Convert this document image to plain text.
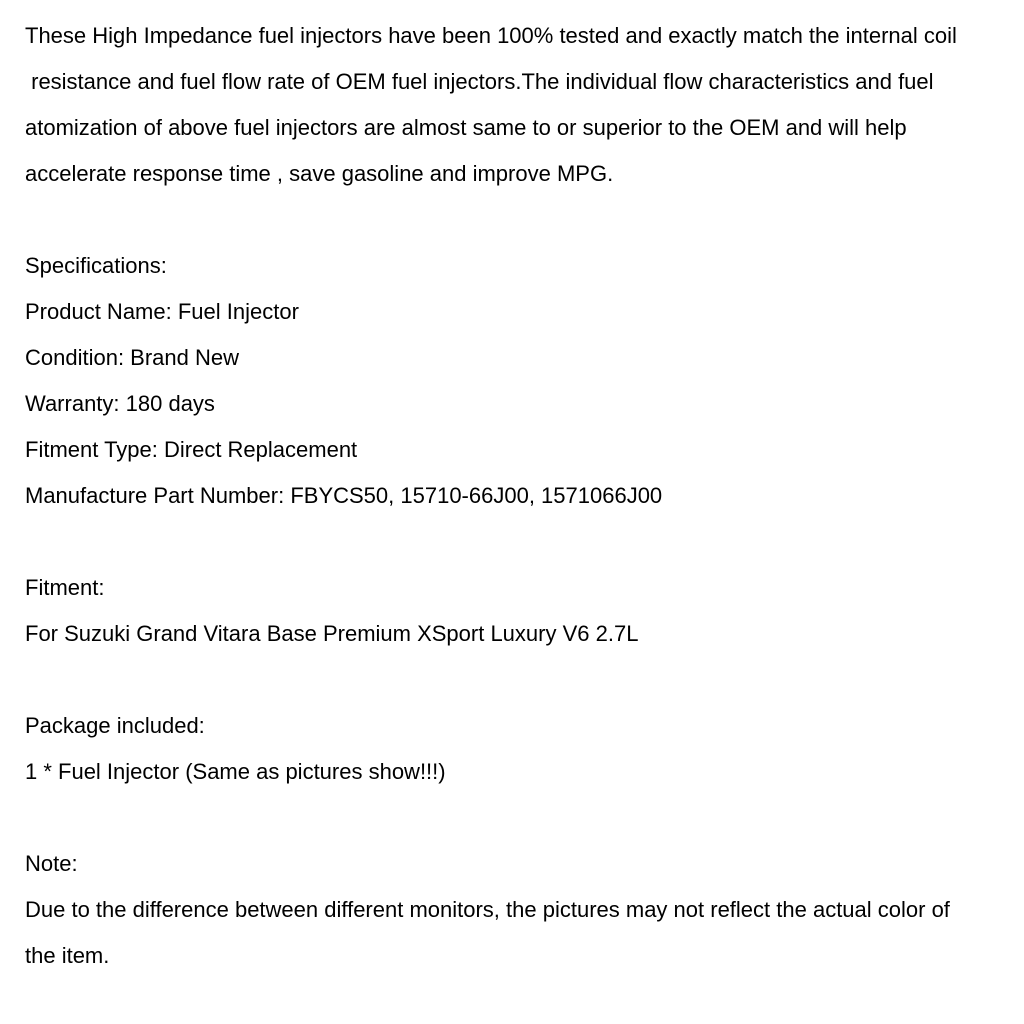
These High Impedance fuel injectors have been 100% tested and exactly match the internal coil
resistance and fuel flow rate of OEM fuel injectors.The individual flow characteristics and fuel
atomization of above fuel injectors are almost same to or superior to the OEM and will help
accelerate response time , save gasoline and improve MPG.
Specifications:
Product Name: Fuel Injector
Condition: Brand New
Warranty: 180 days
Fitment Type: Direct Replacement
Manufacture Part Number: FBYCS50, 15710-66J00, 1571066J00
Fitment:
For Suzuki Grand Vitara Base Premium XSport Luxury V6 2.7L
Package included:
1 * Fuel Injector (Same as pictures show!!!)
Note:
Due to the difference between different monitors, the pictures may not reflect the actual color of
the item.
